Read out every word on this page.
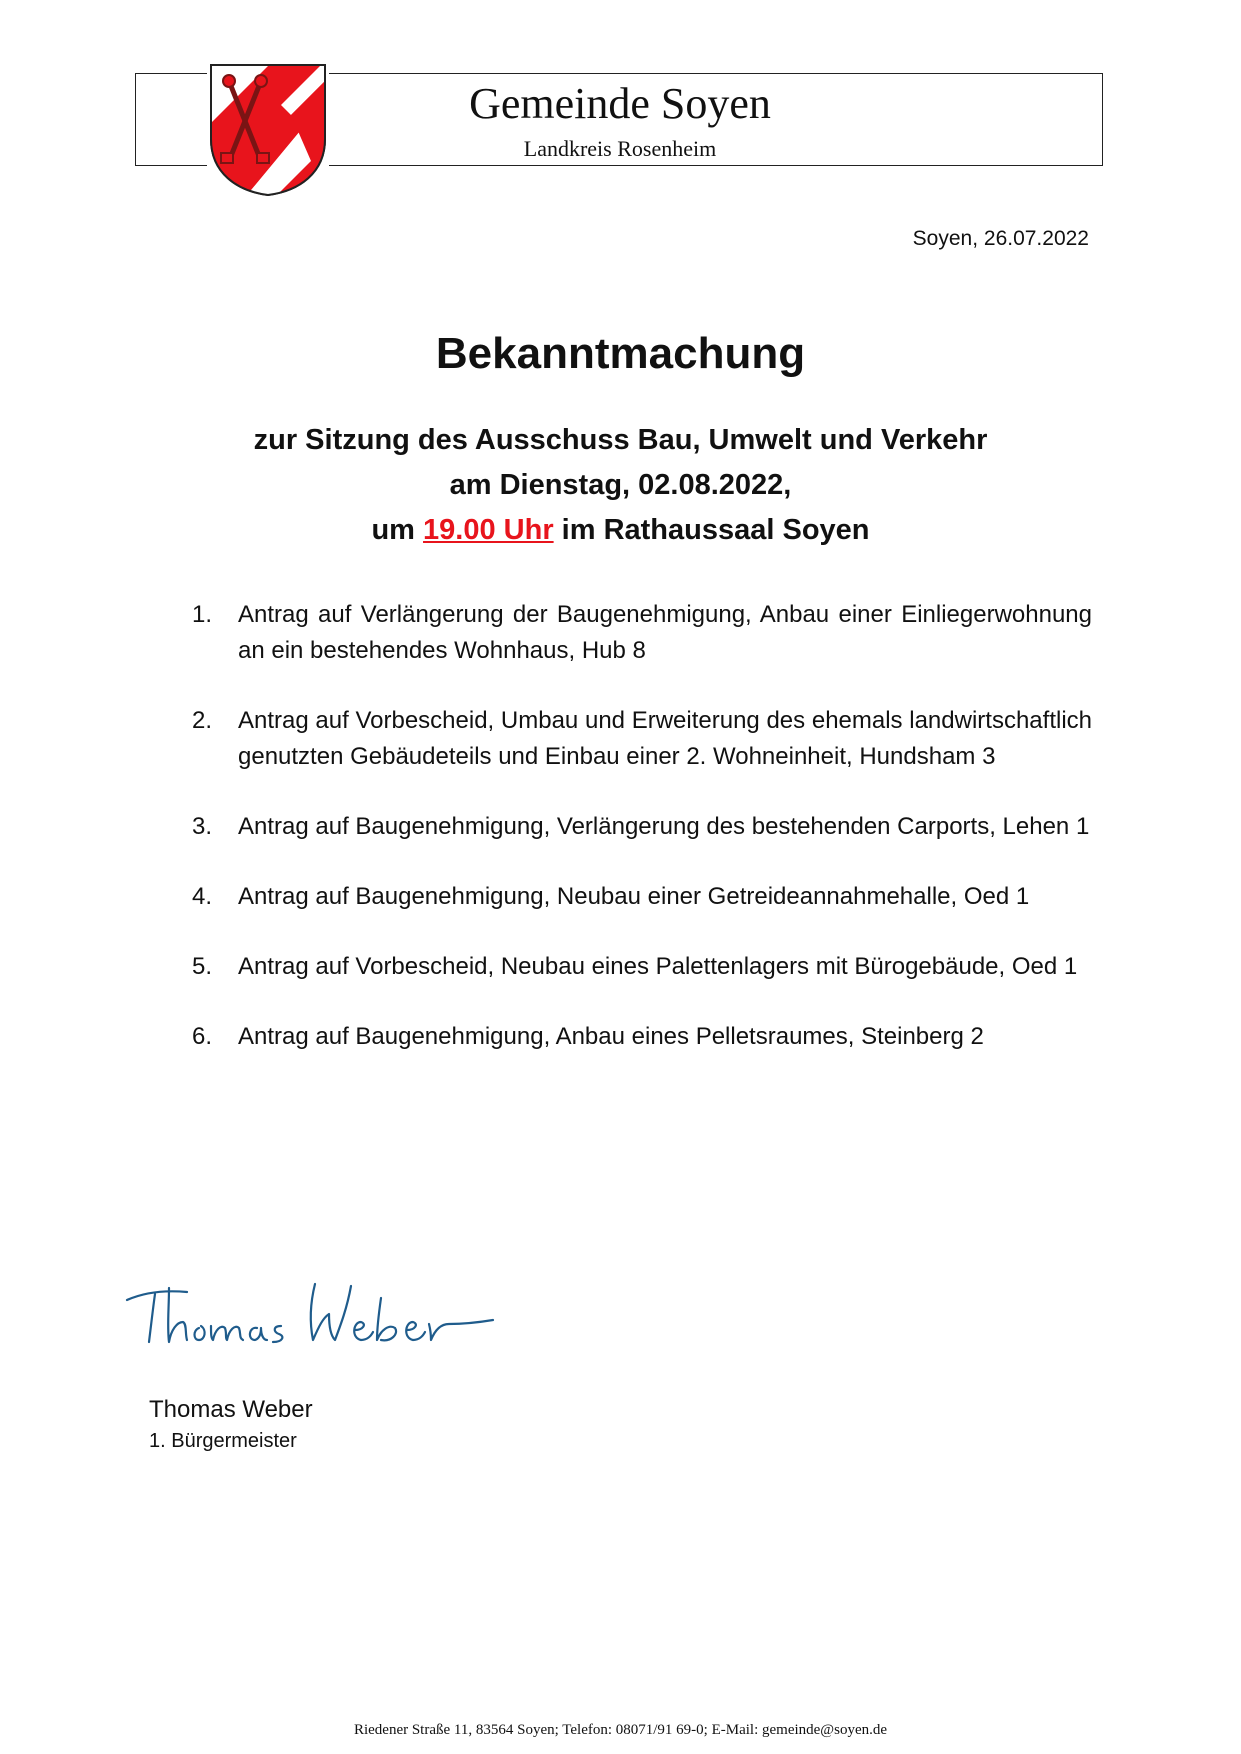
Gemeinde Soyen
Landkreis Rosenheim
Soyen, 26.07.2022
Bekanntmachung
zur Sitzung des Ausschuss Bau, Umwelt und Verkehr
am Dienstag, 02.08.2022,
um 19.00 Uhr im Rathaussaal Soyen
1. Antrag auf Verlängerung der Baugenehmigung, Anbau einer Einliegerwohnung an ein bestehendes Wohnhaus, Hub 8
2. Antrag auf Vorbescheid, Umbau und Erweiterung des ehemals landwirtschaftlich genutzten Gebäudeteils und Einbau einer 2. Wohneinheit, Hundsham 3
3. Antrag auf Baugenehmigung, Verlängerung des bestehenden Carports, Lehen 1
4. Antrag auf Baugenehmigung, Neubau einer Getreideannahmehalle, Oed 1
5. Antrag auf Vorbescheid, Neubau eines Palettenlagers mit Bürogebäude, Oed 1
6. Antrag auf Baugenehmigung, Anbau eines Pelletsraumes, Steinberg 2
Thomas Weber
1. Bürgermeister
Riedener Straße 11, 83564 Soyen; Telefon: 08071/91 69-0; E-Mail: gemeinde@soyen.de
